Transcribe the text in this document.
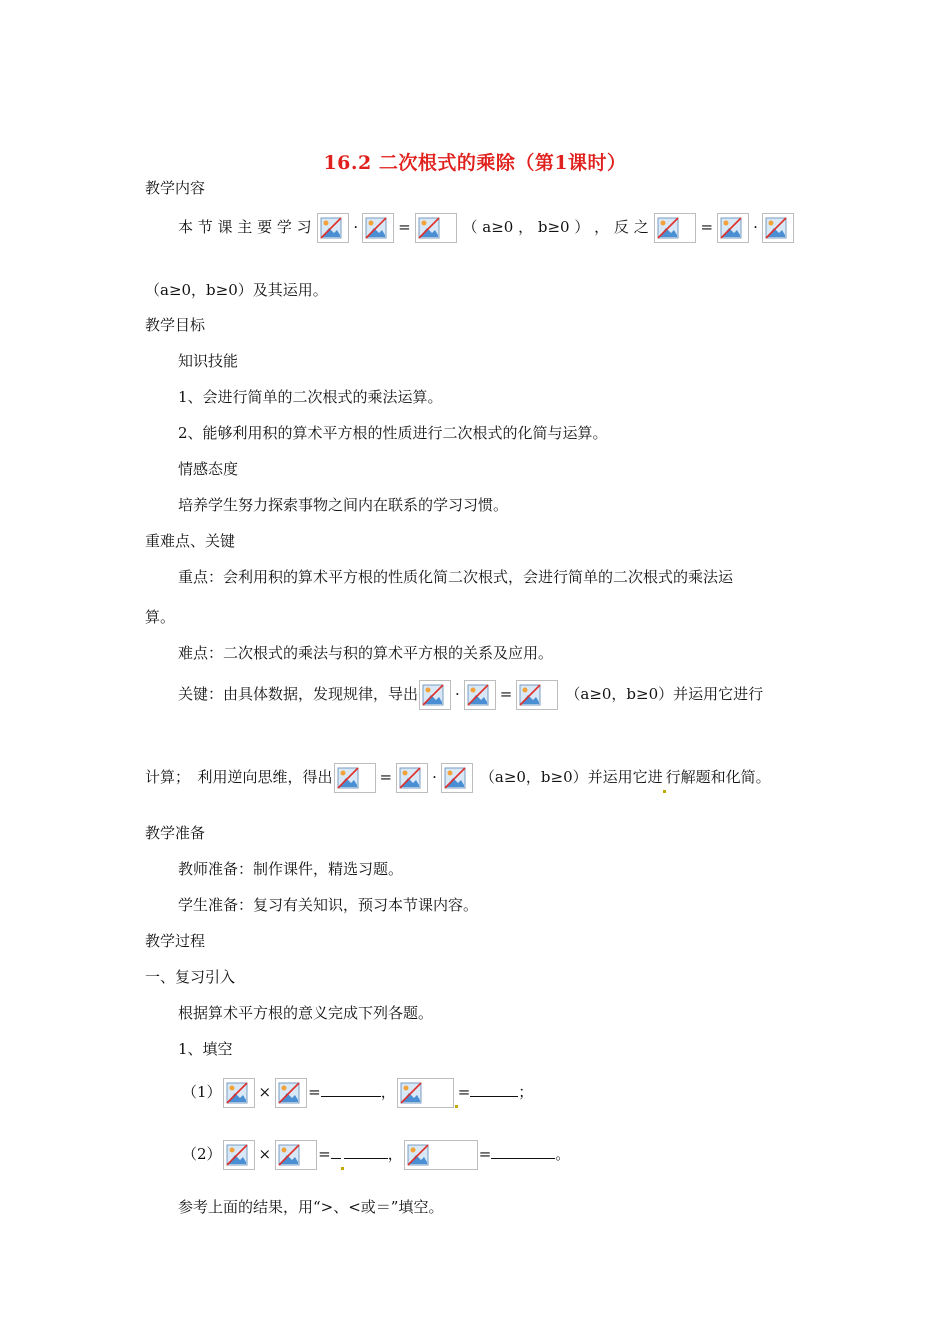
16.2 二次根式的乘除（第1课时）
教学内容
本 节 课 主 要 学 习	·	=	（ a≥0 ， b≥0 ） ， 反 之	=	·
（a≥0，b≥0）及其运用。
教学目标
知识技能
1、会进行简单的二次根式的乘法运算。
2、能够利用积的算术平方根的性质进行二次根式的化简与运算。
情感态度
培养学生努力探索事物之间内在联系的学习习惯。
重难点、关键
重点：会利用积的算术平方根的性质化简二次根式，会进行简单的二次根式的乘法运
算。
难点：二次根式的乘法与积的算术平方根的关系及应用。
关键：由具体数据，发现规律，导出 ·	=	（a≥0，b≥0）并运用它进行
计算；　利用逆向思维，得出	=	·	（a≥0，b≥0）并运用它进 行解题和化简。
教学准备
教师准备：制作课件，精选习题。
学生准备：复习有关知识，预习本节课内容。
教学过程
一、复习引入
根据算术平方根的意义完成下列各题。
1、填空
（1） × =	，	=	；
（2） ×	=	，	=	。
参考上面的结果，用“>、<或＝”填空。
